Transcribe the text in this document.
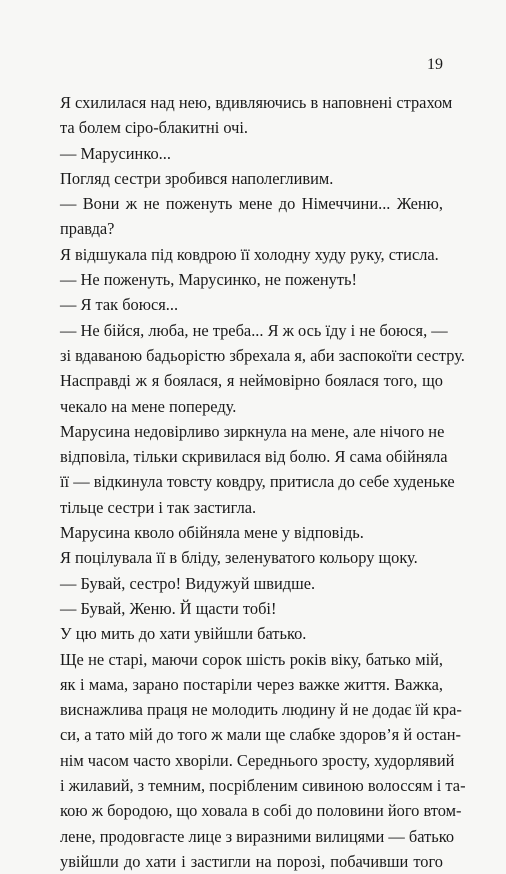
19
Я схилилася над нею, вдивляючись в наповнені страхом
та болем сіро-блакитні очі.
— Марусинко...
Погляд сестри зробився наполегливим.
— Вони ж не поженуть мене до Німеччини... Женю,
правда?
Я відшукала під ковдрою її холодну худу руку, стисла.
— Не поженуть, Марусинко, не поженуть!
— Я так боюся...
— Не бійся, люба, не треба... Я ж ось їду і не боюся, —
зі вдаваною бадьорістю збрехала я, аби заспокоїти сестру.
Насправді ж я боялася, я неймовірно боялася того, що
чекало на мене попереду.
Марусина недовірливо зиркнула на мене, але нічого не
відповіла, тільки скривилася від болю. Я сама обійняла
її — відкинула товсту ковдру, притисла до себе худеньке
тільце сестри і так застигла.
Марусина кволо обійняла мене у відповідь.
Я поцілувала її в бліду, зеленуватого кольору щоку.
— Бувай, сестро! Видужуй швидше.
— Бувай, Женю. Й щасти тобі!
У цю мить до хати увійшли батько.
Ще не старі, маючи сорок шість років віку, батько мій,
як і мама, зарано постаріли через важке життя. Важка,
виснажлива праця не молодить людину й не додає їй кра-
си, а тато мій до того ж мали ще слабке здоров’я й остан-
нім часом часто хворіли. Середнього зросту, худорлявий
і жилавий, з темним, посрібленим сивиною волоссям і та-
кою ж бородою, що ховала в собі до половини його втом-
лене, продовгасте лице з виразними вилицями — батько
увійшли до хати і застигли на порозі, побачивши того
